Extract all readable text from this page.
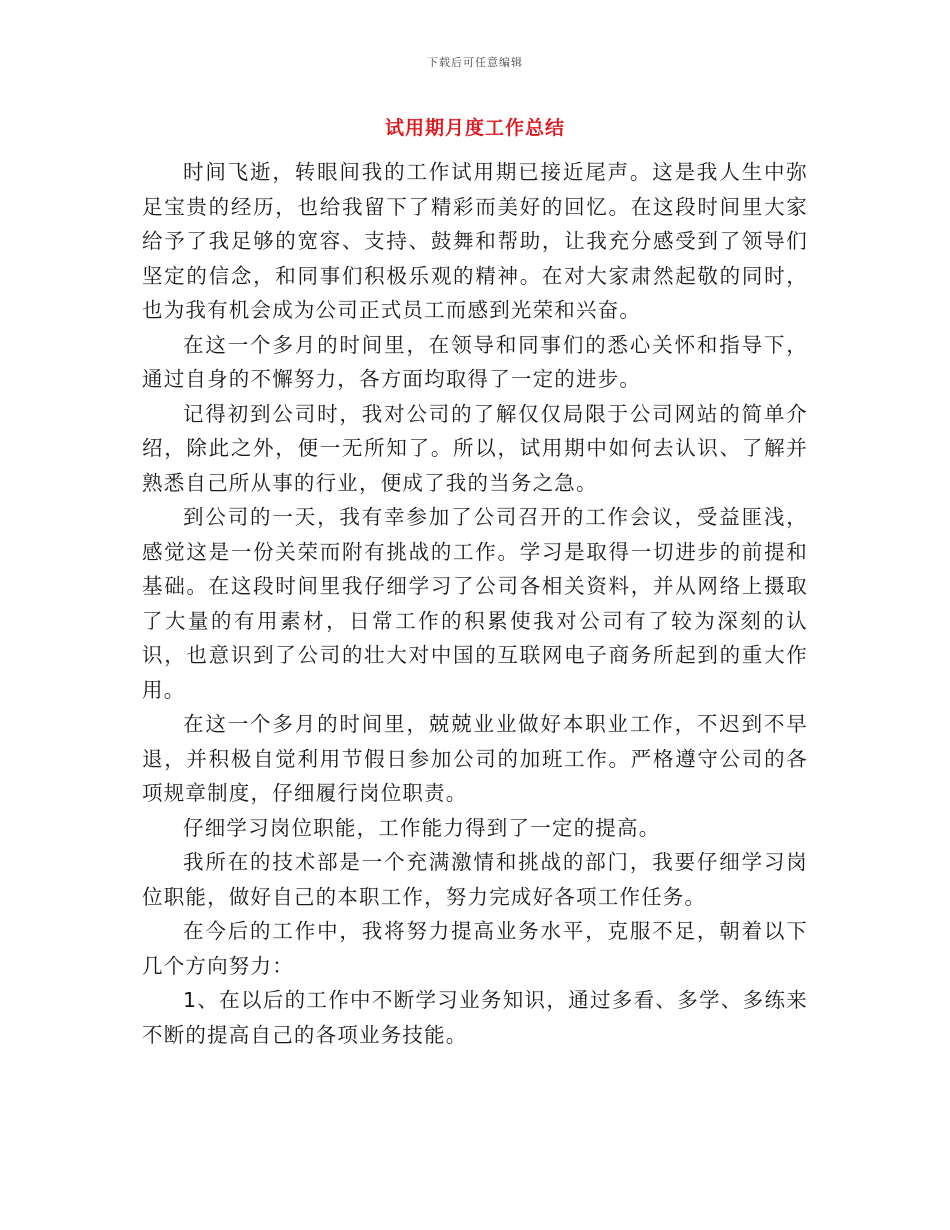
下载后可任意编辑
试用期月度工作总结

时间飞逝，转眼间我的工作试用期已接近尾声。这是我人生中弥足宝贵的经历，也给我留下了精彩而美好的回忆。在这段时间里大家给予了我足够的宽容、支持、鼓舞和帮助，让我充分感受到了领导们坚定的信念，和同事们积极乐观的精神。在对大家肃然起敬的同时，也为我有机会成为公司正式员工而感到光荣和兴奋。

在这一个多月的时间里，在领导和同事们的悉心关怀和指导下，通过自身的不懈努力，各方面均取得了一定的进步。

记得初到公司时，我对公司的了解仅仅局限于公司网站的简单介绍，除此之外，便一无所知了。所以，试用期中如何去认识、了解并熟悉自己所从事的行业，便成了我的当务之急。

到公司的一天，我有幸参加了公司召开的工作会议，受益匪浅，感觉这是一份关荣而附有挑战的工作。学习是取得一切进步的前提和基础。在这段时间里我仔细学习了公司各相关资料，并从网络上摄取了大量的有用素材，日常工作的积累使我对公司有了较为深刻的认识，也意识到了公司的壮大对中国的互联网电子商务所起到的重大作用。

在这一个多月的时间里，兢兢业业做好本职业工作，不迟到不早退，并积极自觉利用节假日参加公司的加班工作。严格遵守公司的各项规章制度，仔细履行岗位职责。

仔细学习岗位职能，工作能力得到了一定的提高。

我所在的技术部是一个充满激情和挑战的部门，我要仔细学习岗位职能，做好自己的本职工作，努力完成好各项工作任务。

在今后的工作中，我将努力提高业务水平，克服不足，朝着以下几个方向努力：

1、在以后的工作中不断学习业务知识，通过多看、多学、多练来不断的提高自己的各项业务技能。
